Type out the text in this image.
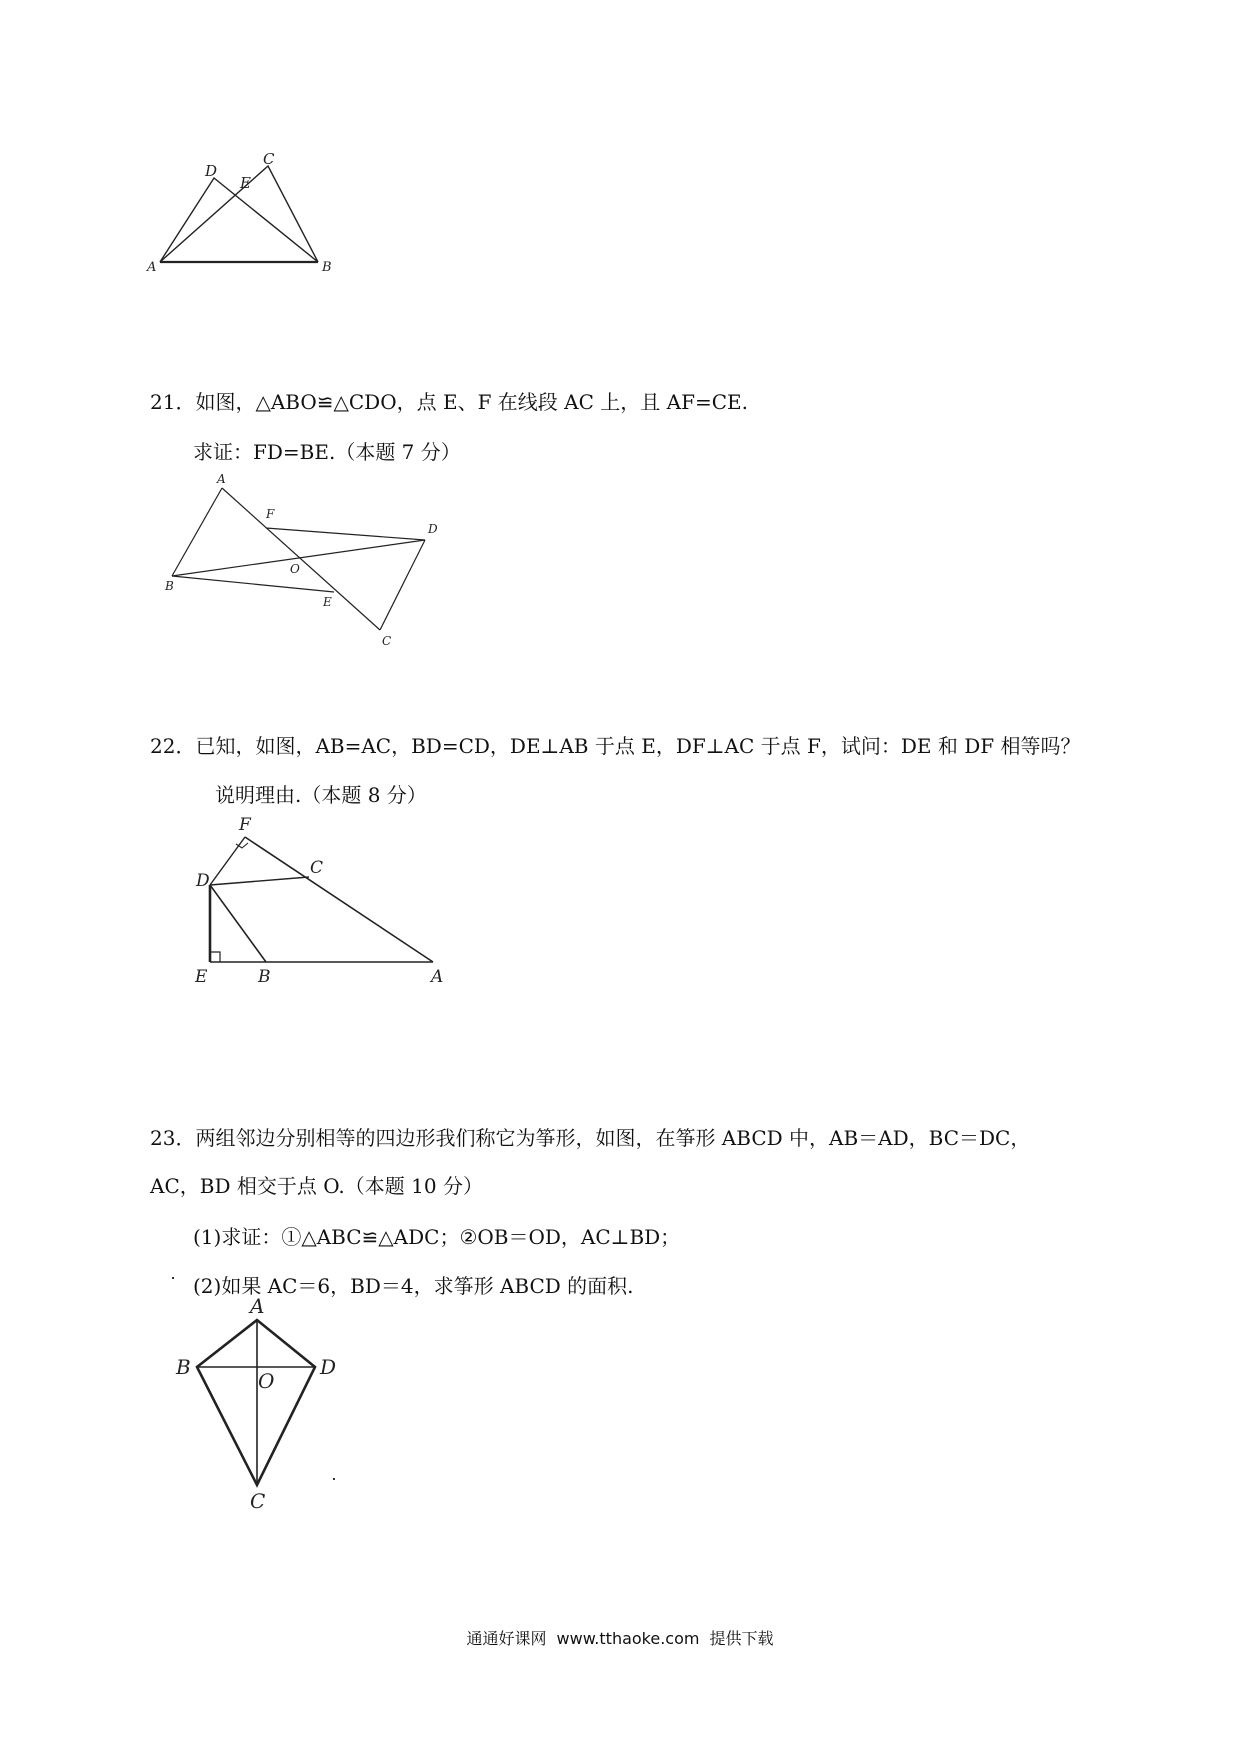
D
E
C
A	B
21．如图，△ABO≌△CDO，点 E、F 在线段 AC 上，且 AF=CE.
求证：FD=BE.（本题 7 分）
A
F
D
O
B
E
C
22．已知，如图，AB=AC，BD=CD，DE⊥AB 于点 E，DF⊥AC 于点 F，试问：DE 和 DF 相等吗？
说明理由.（本题 8 分）
F
C
D
E	B	A
23．两组邻边分别相等的四边形我们称它为筝形，如图，在筝形 ABCD 中，AB＝AD，BC＝DC，
AC，BD 相交于点 O.（本题 10 分）
(1)求证：①△ABC≌△ADC；②OB＝OD，AC⊥BD；
(2)如果 AC＝6，BD＝4，求筝形 ABCD 的面积.
A
B
O
D
C
通通好课网 www.tthaoke.com 提供下载
